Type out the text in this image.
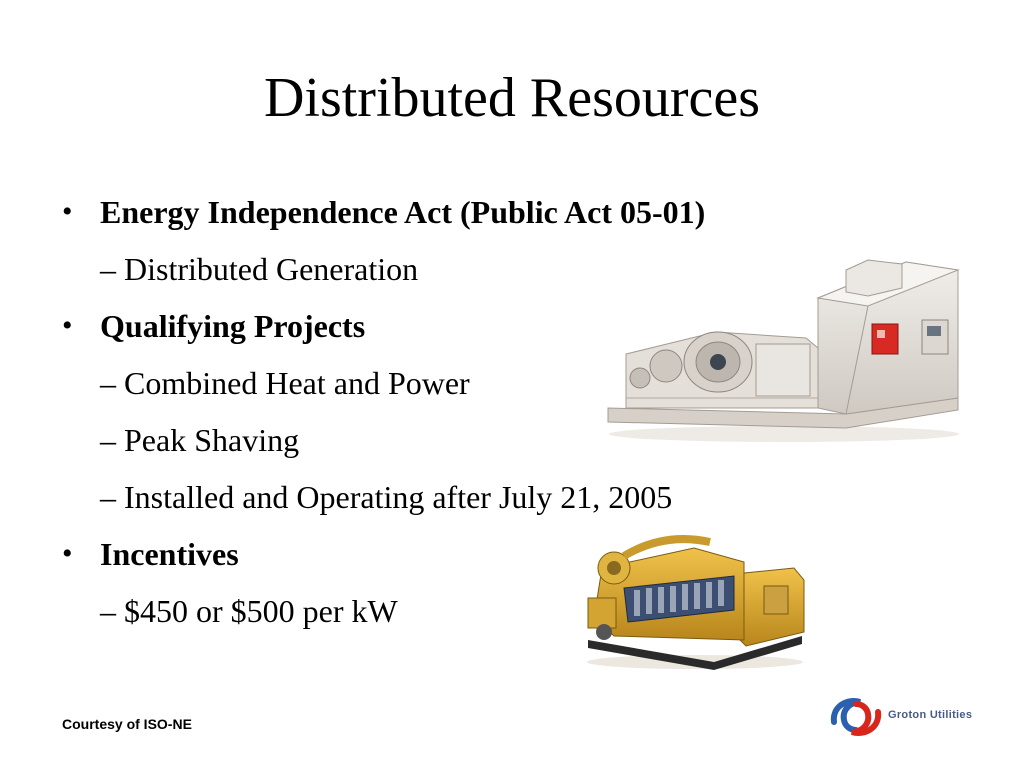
Distributed Resources
• Energy Independence Act (Public Act 05-01)
– Distributed Generation
• Qualifying Projects
– Combined Heat and Power
– Peak Shaving
– Installed and Operating after July 21, 2005
• Incentives
– $450 or $500 per kW
Groton Utilities
Courtesy of ISO-NE
